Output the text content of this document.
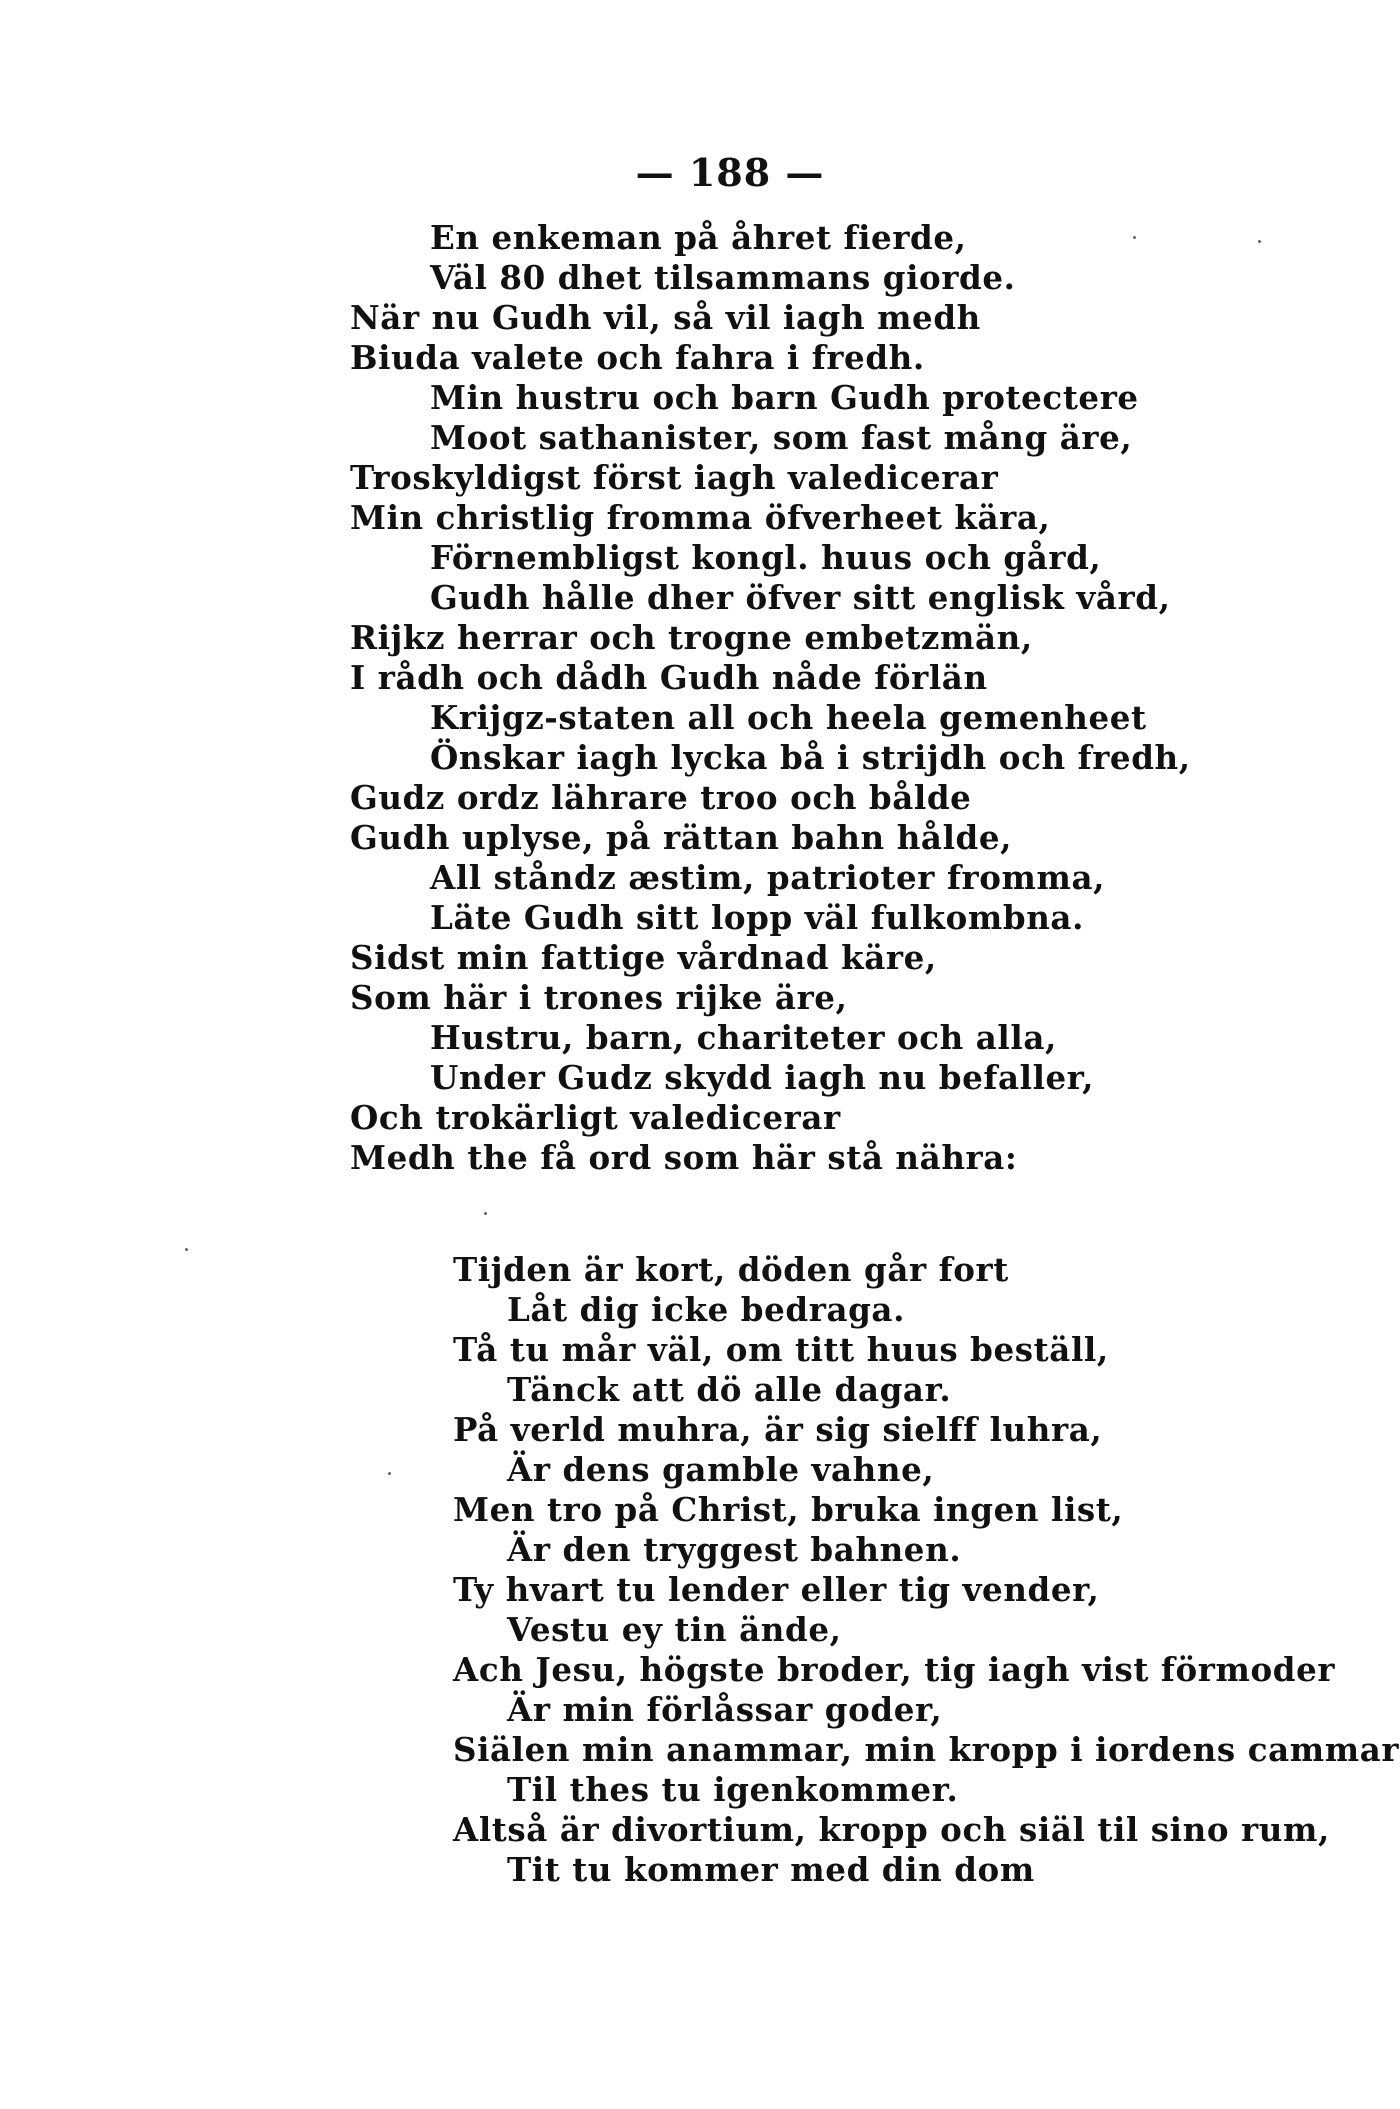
— 188 —
En enkeman på åhret fierde,
Väl 80 dhet tilsammans giorde.
När nu Gudh vil, så vil iagh medh
Biuda valete och fahra i fredh.
Min hustru och barn Gudh protectere
Moot sathanister, som fast mång äre,
Troskyldigst först iagh valedicerar
Min christlig fromma öfverheet kära,
Förnembligst kongl. huus och gård,
Gudh hålle dher öfver sitt englisk vård,
Rijkz herrar och trogne embetzmän,
I rådh och dådh Gudh nåde förlän
Krijgz-staten all och heela gemenheet
Önskar iagh lycka bå i strijdh och fredh,
Gudz ordz lährare troo och bålde
Gudh uplyse, på rättan bahn hålde,
All ståndz æstim, patrioter fromma,
Läte Gudh sitt lopp väl fulkombna.
Sidst min fattige vårdnad käre,
Som här i trones rijke äre,
Hustru, barn, chariteter och alla,
Under Gudz skydd iagh nu befaller,
Och trokärligt valedicerar
Medh the få ord som här stå nähra:
Tijden är kort, döden går fort
Låt dig icke bedraga.
Tå tu mår väl, om titt huus beställ,
Tänck att dö alle dagar.
På verld muhra, är sig sielff luhra,
Är dens gamble vahne,
Men tro på Christ, bruka ingen list,
Är den tryggest bahnen.
Ty hvart tu lender eller tig vender,
Vestu ey tin ände,
Ach Jesu, högste broder, tig iagh vist förmoder
Är min förlåssar goder,
Siälen min anammar, min kropp i iordens cammar
Til thes tu igenkommer.
Altså är divortium, kropp och siäl til sino rum,
Tit tu kommer med din dom
